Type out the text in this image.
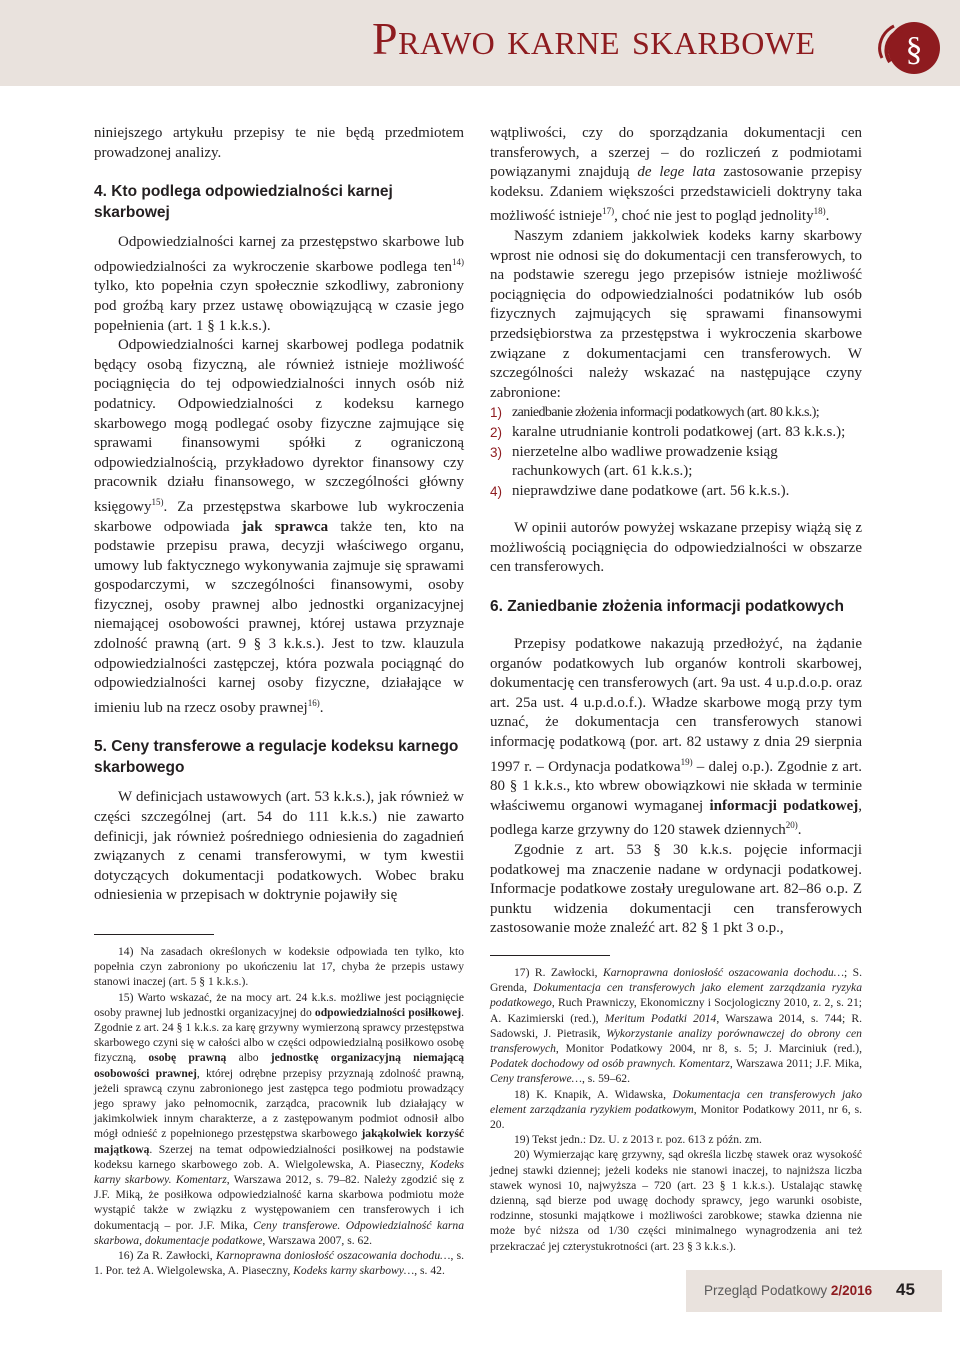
Prawo karne skarbowe	§

niniejszego artykułu przepisy te nie będą przedmiotem prowadzonej analizy.

4. Kto podlega odpowiedzialności karnej skarbowej

Odpowiedzialności karnej za przestępstwo skarbowe lub odpowiedzialności za wykroczenie skarbowe podlega ten$^{14)}$ tylko, kto popełnia czyn społecznie szkodliwy, zabroniony pod groźbą kary przez ustawę obowiązującą w czasie jego popełnienia (art. 1 § 1 k.k.s.).

Odpowiedzialności karnej skarbowej podlega podatnik będący osobą fizyczną, ale również istnieje możliwość pociągnięcia do tej odpowiedzialności innych osób niż podatnicy. Odpowiedzialności z kodeksu karnego skarbowego mogą podlegać osoby fizyczne zajmujące się sprawami finansowymi spółki z ograniczoną odpowiedzialnością, przykładowo dyrektor finansowy czy pracownik działu finansowego, w szczególności główny księgowy$^{15)}$. Za przestępstwa skarbowe lub wykroczenia skarbowe odpowiada jak sprawca także ten, kto na podstawie przepisu prawa, decyzji właściwego organu, umowy lub faktycznego wykonywania zajmuje się sprawami gospodarczymi, w szczególności finansowymi, osoby fizycznej, osoby prawnej albo jednostki organizacyjnej niemającej osobowości prawnej, której ustawa przyznaje zdolność prawną (art. 9 § 3 k.k.s.). Jest to tzw. klauzula odpowiedzialności zastępczej, która pozwala pociągnąć do odpowiedzialności karnej osoby fizyczne, działające w imieniu lub na rzecz osoby prawnej$^{16)}$.

5. Ceny transferowe a regulacje kodeksu karnego skarbowego

W definicjach ustawowych (art. 53 k.k.s.), jak również w części szczególnej (art. 54 do 111 k.k.s.) nie zawarto definicji, jak również pośredniego odniesienia do zagadnień związanych z cenami transferowymi, w tym kwestii dotyczących dokumentacji podatkowych. Wobec braku odniesienia w przepisach w doktrynie pojawiły się

14) Na zasadach określonych w kodeksie odpowiada ten tylko, kto popełnia czyn zabroniony po ukończeniu lat 17, chyba że przepis ustawy stanowi inaczej (art. 5 § 1 k.k.s.).

15) Warto wskazać, że na mocy art. 24 k.k.s. możliwe jest pociągnięcie osoby prawnej lub jednostki organizacyjnej do odpowiedzialności posiłkowej. Zgodnie z art. 24 § 1 k.k.s. za karę grzywny wymierzoną sprawcy przestępstwa skarbowego czyni się w całości albo w części odpowiedzialną posiłkowo osobę fizyczną, osobę prawną albo jednostkę organizacyjną niemającą osobowości prawnej, której odrębne przepisy przyznają zdolność prawną, jeżeli sprawcą czynu zabronionego jest zastępca tego podmiotu prowadzący jego sprawy jako pełnomocnik, zarządca, pracownik lub działający w jakimkolwiek innym charakterze, a z zastępowanym podmiot odnosił albo mógł odnieść z popełnionego przestępstwa skarbowego jakąkolwiek korzyść majątkową. Szerzej na temat odpowiedzialności posiłkowej na podstawie kodeksu karnego skarbowego zob. A. Wielgolewska, A. Piaseczny, Kodeks karny skarbowy. Komentarz, Warszawa 2012, s. 79–82. Należy zgodzić się z J.F. Miką, że posiłkowa odpowiedzialność karna skarbowa podmiotu może wystąpić także w związku z występowaniem cen transferowych i ich dokumentacją – por. J.F. Mika, Ceny transferowe. Odpowiedzialność karna skarbowa, dokumentacje podatkowe, Warszawa 2007, s. 62.

16) Za R. Zawłocki, Karnoprawna doniosłość oszacowania dochodu…, s. 1. Por. też A. Wielgolewska, A. Piaseczny, Kodeks karny skarbowy…, s. 42.

wątpliwości, czy do sporządzania dokumentacji cen transferowych, a szerzej – do rozliczeń z podmiotami powiązanymi znajdują de lege lata zastosowanie przepisy kodeksu. Zdaniem większości przedstawicieli doktryny taka możliwość istnieje$^{17)}$, choć nie jest to pogląd jednolity$^{18)}$.

Naszym zdaniem jakkolwiek kodeks karny skarbowy wprost nie odnosi się do dokumentacji cen transferowych, to na podstawie szeregu jego przepisów istnieje możliwość pociągnięcia do odpowiedzialności podatników lub osób fizycznych zajmujących się sprawami finansowymi przedsiębiorstwa za przestępstwa i wykroczenia skarbowe związane z dokumentacjami cen transferowych. W szczególności należy wskazać na następujące czyny zabronione:

1) zaniedbanie złożenia informacji podatkowych (art. 80 k.k.s.);
2) karalne utrudnianie kontroli podatkowej (art. 83 k.k.s.);
3) nierzetelne albo wadliwe prowadzenie ksiąg rachunkowych (art. 61 k.k.s.);
4) nieprawdziwe dane podatkowe (art. 56 k.k.s.).

W opinii autorów powyżej wskazane przepisy wiążą się z możliwością pociągnięcia do odpowiedzialności w obszarze cen transferowych.

6. Zaniedbanie złożenia informacji podatkowych

Przepisy podatkowe nakazują przedłożyć, na żądanie organów podatkowych lub organów kontroli skarbowej, dokumentację cen transferowych (art. 9a ust. 4 u.p.d.o.p. oraz art. 25a ust. 4 u.p.d.o.f.). Władze skarbowe mogą przy tym uznać, że dokumentacja cen transferowych stanowi informację podatkową (por. art. 82 ustawy z dnia 29 sierpnia 1997 r. – Ordynacja podatkowa$^{19)}$ – dalej o.p.). Zgodnie z art. 80 § 1 k.k.s., kto wbrew obowiązkowi nie składa w terminie właściwemu organowi wymaganej informacji podatkowej, podlega karze grzywny do 120 stawek dziennych$^{20)}$.

Zgodnie z art. 53 § 30 k.k.s. pojęcie informacji podatkowej ma znaczenie nadane w ordynacji podatkowej. Informacje podatkowe zostały uregulowane art. 82–86 o.p. Z punktu widzenia dokumentacji cen transferowych zastosowanie może znaleźć art. 82 § 1 pkt 3 o.p.,

17) R. Zawłocki, Karnoprawna doniosłość oszacowania dochodu…; S. Grenda, Dokumentacja cen transferowych jako element zarządzania ryzyka podatkowego, Ruch Prawniczy, Ekonomiczny i Socjologiczny 2010, z. 2, s. 21; A. Kazimierski (red.), Meritum Podatki 2014, Warszawa 2014, s. 744; R. Sadowski, J. Pietrasik, Wykorzystanie analizy porównawczej do obrony cen transferowych, Monitor Podatkowy 2004, nr 8, s. 5; J. Marciniuk (red.), Podatek dochodowy od osób prawnych. Komentarz, Warszawa 2011; J.F. Mika, Ceny transferowe…, s. 59–62.

18) K. Knapik, A. Widawska, Dokumentacja cen transferowych jako element zarządzania ryzykiem podatkowym, Monitor Podatkowy 2011, nr 6, s. 20.

19) Tekst jedn.: Dz. U. z 2013 r. poz. 613 z późn. zm.

20) Wymierzając karę grzywny, sąd określa liczbę stawek oraz wysokość jednej stawki dziennej; jeżeli kodeks nie stanowi inaczej, to najniższa liczba stawek wynosi 10, najwyższa – 720 (art. 23 § 1 k.k.s.). Ustalając stawkę dzienną, sąd bierze pod uwagę dochody sprawcy, jego warunki osobiste, rodzinne, stosunki majątkowe i możliwości zarobkowe; stawka dzienna nie może być niższa od 1/30 części minimalnego wynagrodzenia ani też przekraczać jej czterystukrotności (art. 23 § 3 k.k.s.).

Przegląd Podatkowy 2/2016 45
